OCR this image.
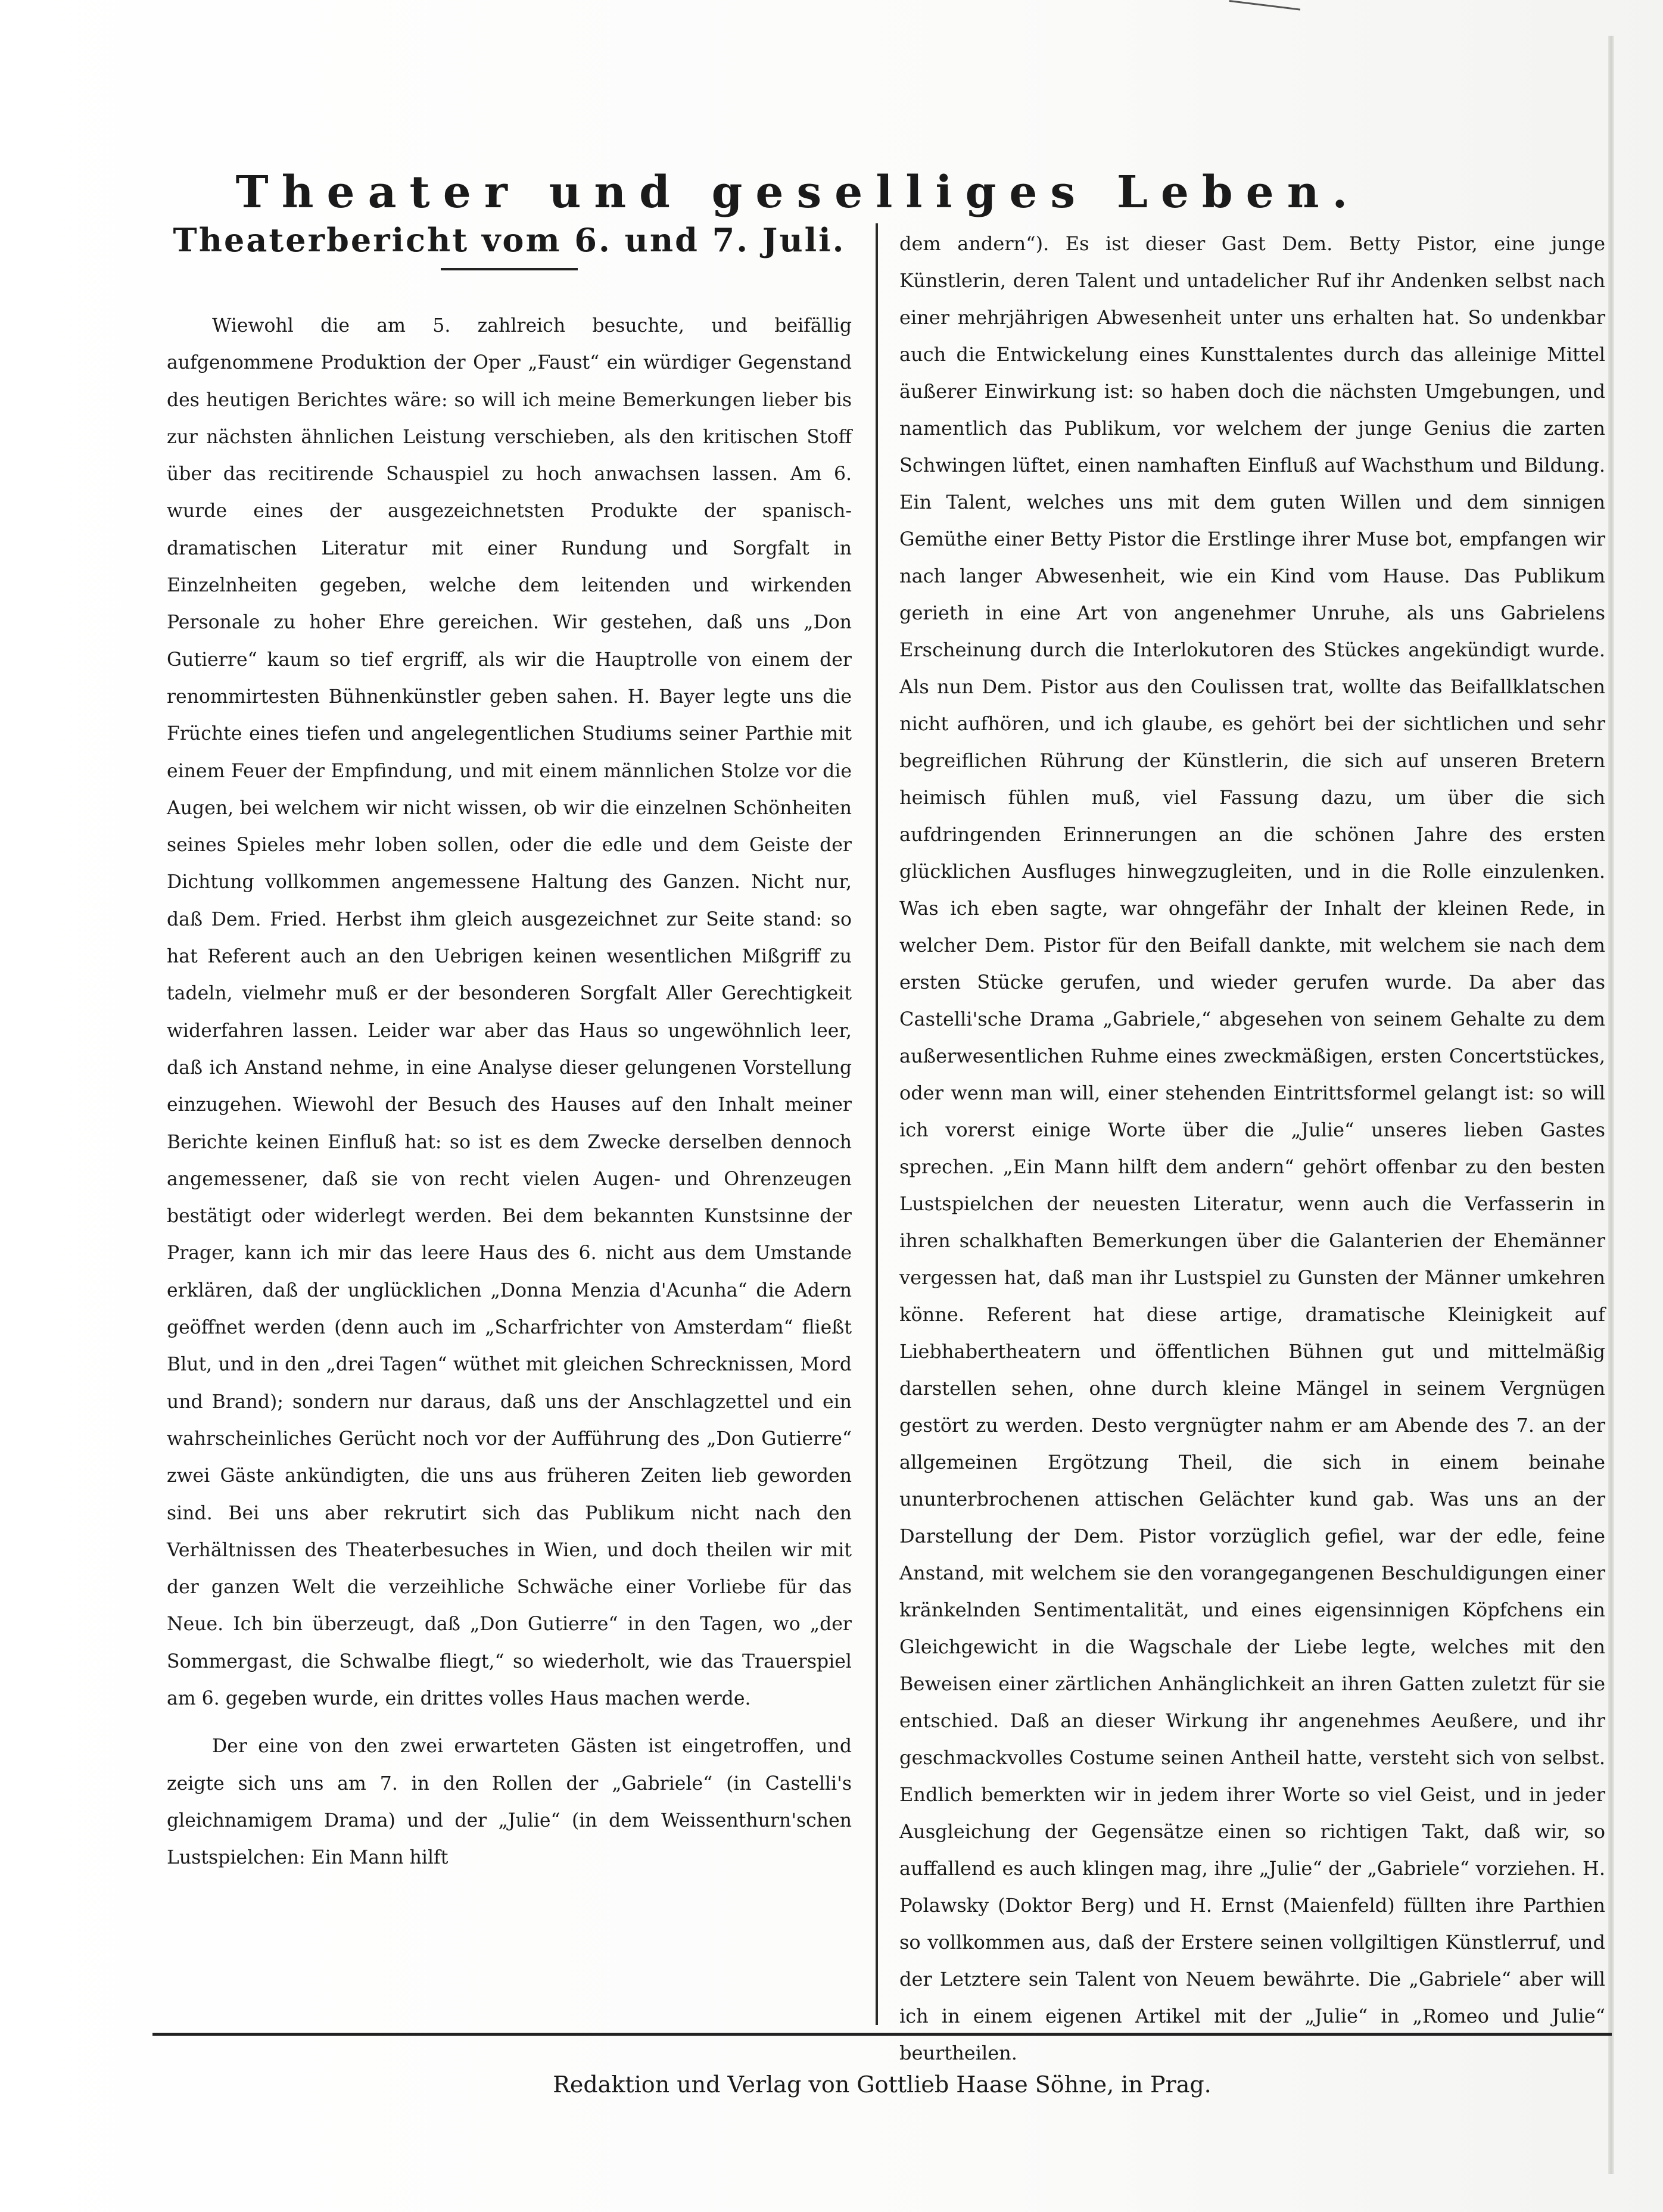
Theater und geselliges Leben.
Theaterbericht vom 6. und 7. Juli.

Wiewohl die am 5. zahlreich besuchte, und beifällig aufgenommene Produktion der Oper „Faust“ ein würdiger Gegenstand des heutigen Berichtes wäre: so will ich meine Bemerkungen lieber bis zur nächsten ähnlichen Leistung verschieben, als den kritischen Stoff über das recitirende Schauspiel zu hoch anwachsen lassen. Am 6. wurde eines der ausgezeichnetsten Produkte der spanisch-dramatischen Literatur mit einer Rundung und Sorgfalt in Einzelnheiten gegeben, welche dem leitenden und wirkenden Personale zu hoher Ehre gereichen. Wir gestehen, daß uns „Don Gutierre“ kaum so tief ergriff, als wir die Hauptrolle von einem der renommirtesten Bühnenkünstler geben sahen. H. Bayer legte uns die Früchte eines tiefen und angelegentlichen Studiums seiner Parthie mit einem Feuer der Empfindung, und mit einem männlichen Stolze vor die Augen, bei welchem wir nicht wissen, ob wir die einzelnen Schönheiten seines Spieles mehr loben sollen, oder die edle und dem Geiste der Dichtung vollkommen angemessene Haltung des Ganzen. Nicht nur, daß Dem. Fried. Herbst ihm gleich ausgezeichnet zur Seite stand: so hat Referent auch an den Uebrigen keinen wesentlichen Mißgriff zu tadeln, vielmehr muß er der besonderen Sorgfalt Aller Gerechtigkeit widerfahren lassen. Leider war aber das Haus so ungewöhnlich leer, daß ich Anstand nehme, in eine Analyse dieser gelungenen Vorstellung einzugehen. Wiewohl der Besuch des Hauses auf den Inhalt meiner Berichte keinen Einfluß hat: so ist es dem Zwecke derselben dennoch angemessener, daß sie von recht vielen Augen- und Ohrenzeugen bestätigt oder widerlegt werden. Bei dem bekannten Kunstsinne der Prager, kann ich mir das leere Haus des 6. nicht aus dem Umstande erklären, daß der unglücklichen „Donna Menzia d'Acunha“ die Adern geöffnet werden (denn auch im „Scharfrichter von Amsterdam“ fließt Blut, und in den „drei Tagen“ wüthet mit gleichen Schrecknissen, Mord und Brand); sondern nur daraus, daß uns der Anschlagzettel und ein wahrscheinliches Gerücht noch vor der Aufführung des „Don Gutierre“ zwei Gäste ankündigten, die uns aus früheren Zeiten lieb geworden sind. Bei uns aber rekrutirt sich das Publikum nicht nach den Verhältnissen des Theaterbesuches in Wien, und doch theilen wir mit der ganzen Welt die verzeihliche Schwäche einer Vorliebe für das Neue. Ich bin überzeugt, daß „Don Gutierre“ in den Tagen, wo „der Sommergast, die Schwalbe fliegt,“ so wiederholt, wie das Trauerspiel am 6. gegeben wurde, ein drittes volles Haus machen werde.

Der eine von den zwei erwarteten Gästen ist eingetroffen, und zeigte sich uns am 7. in den Rollen der „Gabriele“ (in Castelli's gleichnamigem Drama) und der „Julie“ (in dem Weissenthurn'schen Lustspielchen: Ein Mann hilft

dem andern“). Es ist dieser Gast Dem. Betty Pistor, eine junge Künstlerin, deren Talent und untadelicher Ruf ihr Andenken selbst nach einer mehrjährigen Abwesenheit unter uns erhalten hat. So undenkbar auch die Entwickelung eines Kunsttalentes durch das alleinige Mittel äußerer Einwirkung ist: so haben doch die nächsten Umgebungen, und namentlich das Publikum, vor welchem der junge Genius die zarten Schwingen lüftet, einen namhaften Einfluß auf Wachsthum und Bildung. Ein Talent, welches uns mit dem guten Willen und dem sinnigen Gemüthe einer Betty Pistor die Erstlinge ihrer Muse bot, empfangen wir nach langer Abwesenheit, wie ein Kind vom Hause. Das Publikum gerieth in eine Art von angenehmer Unruhe, als uns Gabrielens Erscheinung durch die Interlokutoren des Stückes angekündigt wurde. Als nun Dem. Pistor aus den Coulissen trat, wollte das Beifallklatschen nicht aufhören, und ich glaube, es gehört bei der sichtlichen und sehr begreiflichen Rührung der Künstlerin, die sich auf unseren Bretern heimisch fühlen muß, viel Fassung dazu, um über die sich aufdringenden Erinnerungen an die schönen Jahre des ersten glücklichen Ausfluges hinwegzugleiten, und in die Rolle einzulenken. Was ich eben sagte, war ohngefähr der Inhalt der kleinen Rede, in welcher Dem. Pistor für den Beifall dankte, mit welchem sie nach dem ersten Stücke gerufen, und wieder gerufen wurde. Da aber das Castelli'sche Drama „Gabriele,“ abgesehen von seinem Gehalte zu dem außerwesentlichen Ruhme eines zweckmäßigen, ersten Concertstückes, oder wenn man will, einer stehenden Eintrittsformel gelangt ist: so will ich vorerst einige Worte über die „Julie“ unseres lieben Gastes sprechen. „Ein Mann hilft dem andern“ gehört offenbar zu den besten Lustspielchen der neuesten Literatur, wenn auch die Verfasserin in ihren schalkhaften Bemerkungen über die Galanterien der Ehemänner vergessen hat, daß man ihr Lustspiel zu Gunsten der Männer umkehren könne. Referent hat diese artige, dramatische Kleinigkeit auf Liebhabertheatern und öffentlichen Bühnen gut und mittelmäßig darstellen sehen, ohne durch kleine Mängel in seinem Vergnügen gestört zu werden. Desto vergnügter nahm er am Abende des 7. an der allgemeinen Ergötzung Theil, die sich in einem beinahe ununterbrochenen attischen Gelächter kund gab. Was uns an der Darstellung der Dem. Pistor vorzüglich gefiel, war der edle, feine Anstand, mit welchem sie den vorangegangenen Beschuldigungen einer kränkelnden Sentimentalität, und eines eigensinnigen Köpfchens ein Gleichgewicht in die Wagschale der Liebe legte, welches mit den Beweisen einer zärtlichen Anhänglichkeit an ihren Gatten zuletzt für sie entschied. Daß an dieser Wirkung ihr angenehmes Aeußere, und ihr geschmackvolles Costume seinen Antheil hatte, versteht sich von selbst. Endlich bemerkten wir in jedem ihrer Worte so viel Geist, und in jeder Ausgleichung der Gegensätze einen so richtigen Takt, daß wir, so auffallend es auch klingen mag, ihre „Julie“ der „Gabriele“ vorziehen. H. Polawsky (Doktor Berg) und H. Ernst (Maienfeld) füllten ihre Parthien so vollkommen aus, daß der Erstere seinen vollgiltigen Künstlerruf, und der Letztere sein Talent von Neuem bewährte. Die „Gabriele“ aber will ich in einem eigenen Artikel mit der „Julie“ in „Romeo und Julie“ beurtheilen.

Redaktion und Verlag von Gottlieb Haase Söhne, in Prag.
